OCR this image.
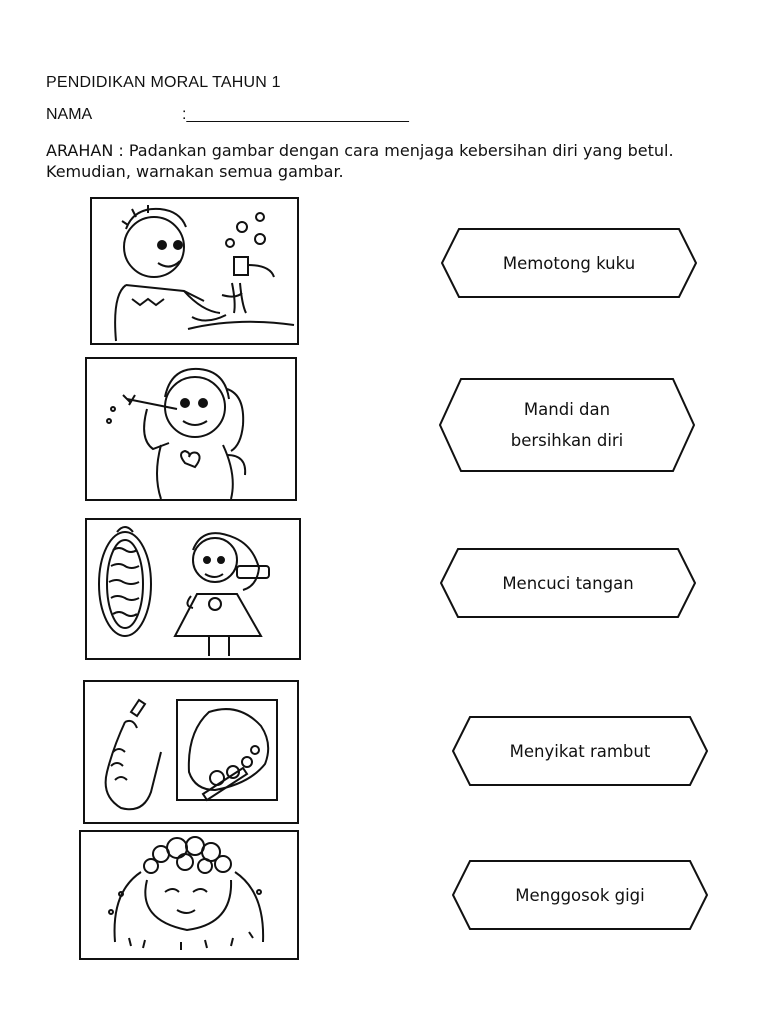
PENDIDIKAN MORAL TAHUN 1
NAMA	:_________________________
ARAHAN : Padankan gambar dengan cara menjaga kebersihan diri yang betul.
Kemudian, warnakan semua gambar.
Memotong kuku
Mandi dan
bersihkan diri
Mencuci tangan
Menyikat rambut
Menggosok gigi
